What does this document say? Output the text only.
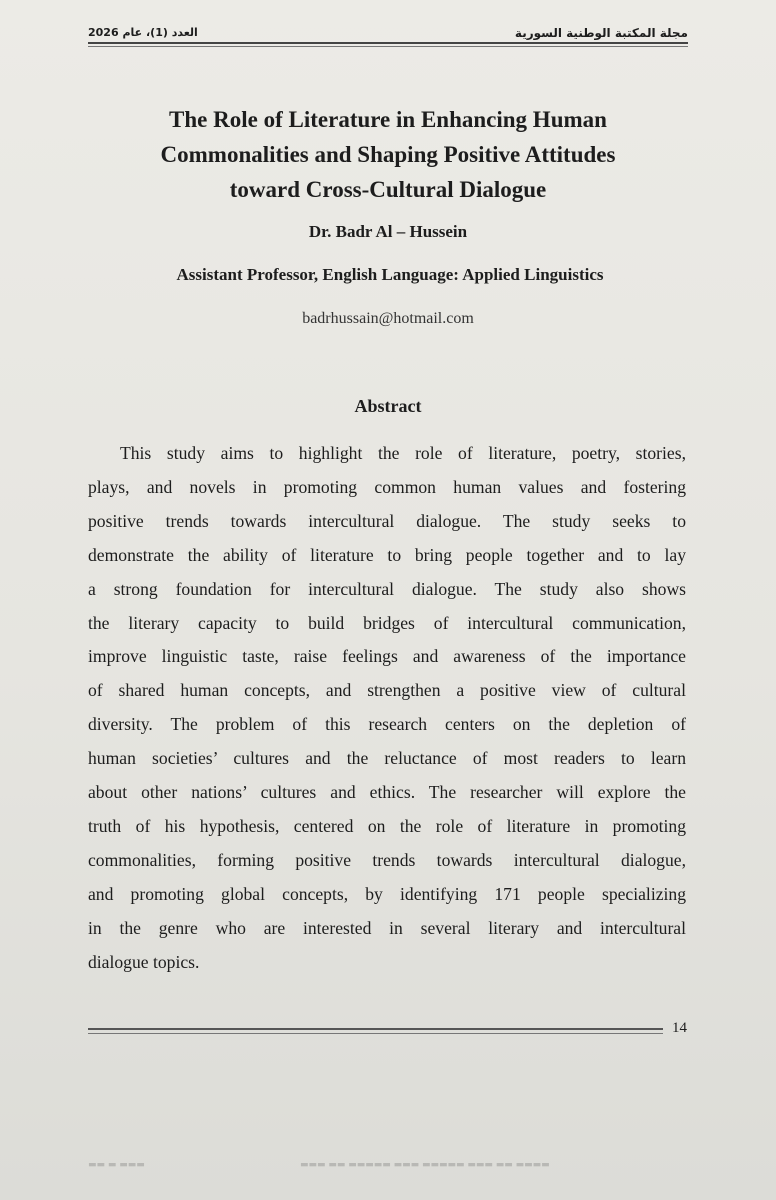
العدد (1)، عام 2026	مجلة المكتبة الوطنية السورية
The Role of Literature in Enhancing Human
Commonalities and Shaping Positive Attitudes
toward Cross-Cultural Dialogue
Dr. Badr Al – Hussein
Assistant Professor, English Language: Applied Linguistics
badrhussain@hotmail.com
Abstract
This study aims to highlight the role of literature, poetry, stories,
plays, and novels in promoting common human values and fostering
positive trends towards intercultural dialogue. The study seeks to
demonstrate the ability of literature to bring people together and to lay
a strong foundation for intercultural dialogue. The study also shows
the literary capacity to build bridges of intercultural communication,
improve linguistic taste, raise feelings and awareness of the importance
of shared human concepts, and strengthen a positive view of cultural
diversity. The problem of this research centers on the depletion of
human societies’ cultures and the reluctance of most readers to learn
about other nations’ cultures and ethics. The researcher will explore the
truth of his hypothesis, centered on the role of literature in promoting
commonalities, forming positive trends towards intercultural dialogue,
and promoting global concepts, by identifying 171 people specializing
in the genre who are interested in several literary and intercultural
dialogue topics.
14
▬▬ ▬ ▬▬▬	▬▬▬ ▬▬ ▬▬▬▬▬ ▬▬▬ ▬▬▬▬▬ ▬▬▬ ▬▬ ▬▬▬▬
